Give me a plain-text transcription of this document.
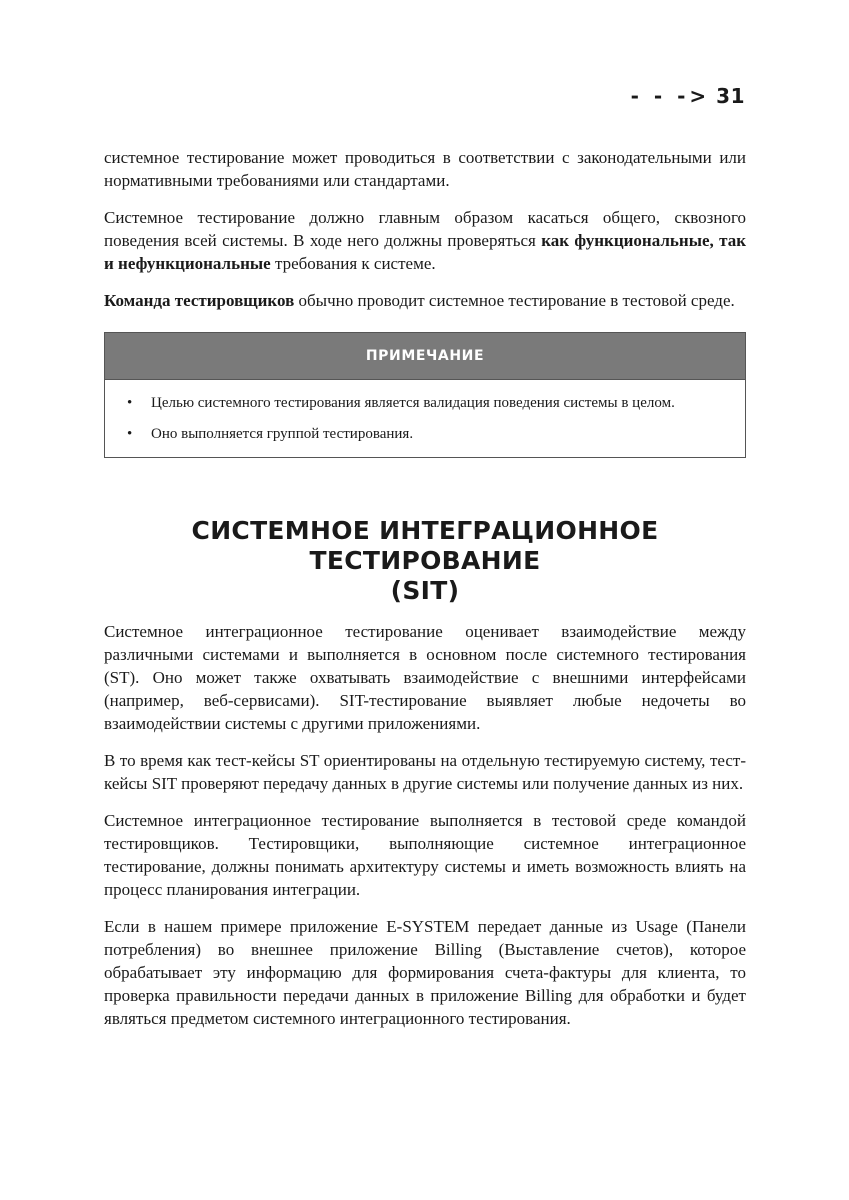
- - -> 31

системное тестирование может проводиться в соответствии с законодательными или нормативными требованиями или стандартами.

Системное тестирование должно главным образом касаться общего, сквозного поведения всей системы. В ходе него должны проверяться как функциональные, так и нефункциональные требования к системе.

Команда тестировщиков обычно проводит системное тестирование в тестовой среде.

ПРИМЕЧАНИЕ
• Целью системного тестирования является валидация поведения системы в целом.
• Оно выполняется группой тестирования.
СИСТЕМНОЕ ИНТЕГРАЦИОННОЕ ТЕСТИРОВАНИЕ
(SIT)

Системное интеграционное тестирование оценивает взаимодействие между различными системами и выполняется в основном после системного тестирования (ST). Оно может также охватывать взаимодействие с внешними интерфейсами (например, веб-сервисами). SIT-тестирование выявляет любые недочеты во взаимодействии системы с другими приложениями.

В то время как тест-кейсы ST ориентированы на отдельную тестируемую систему, тест-кейсы SIT проверяют передачу данных в другие системы или получение данных из них.

Системное интеграционное тестирование выполняется в тестовой среде командой тестировщиков. Тестировщики, выполняющие системное интеграционное тестирование, должны понимать архитектуру системы и иметь возможность влиять на процесс планирования интеграции.

Если в нашем примере приложение E-SYSTEM передает данные из Usage (Панели потребления) во внешнее приложение Billing (Выставление счетов), которое обрабатывает эту информацию для формирования счета-фактуры для клиента, то проверка правильности передачи данных в приложение Billing для обработки и будет являться предметом системного интеграционного тестирования.
